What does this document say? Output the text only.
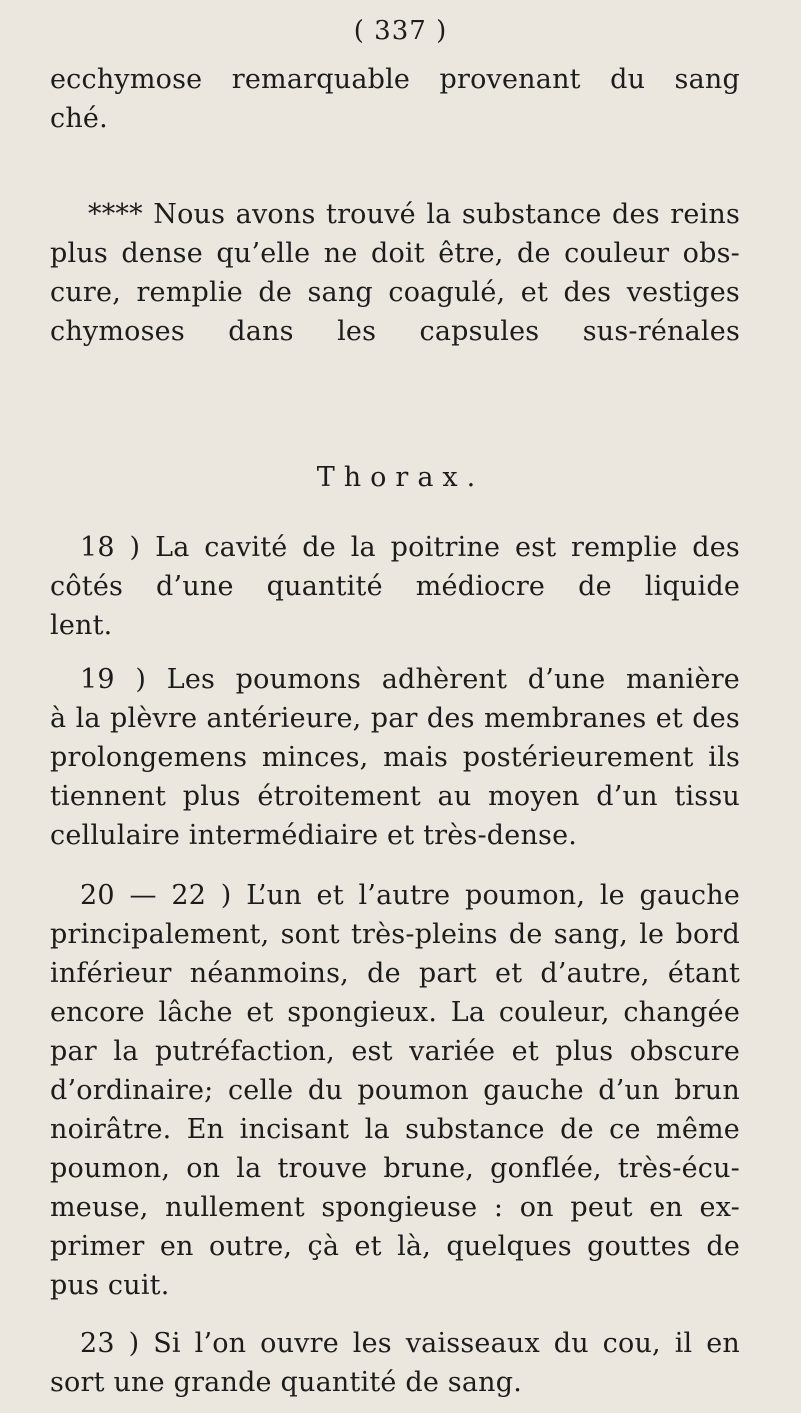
( 337 )
ecchymose remarquable provenant du sang
ché.
**** Nous avons trouvé la substance des reins
plus dense qu’elle ne doit être, de couleur obs-
cure, remplie de sang coagulé, et des vestiges
chymoses dans les capsules sus-rénales
Thorax.
18 ) La cavité de la poitrine est remplie des
côtés d’une quantité médiocre de liquide
lent.
19 ) Les poumons adhèrent d’une manière
à la plèvre antérieure, par des membranes et des
prolongemens minces, mais postérieurement ils
tiennent plus étroitement au moyen d’un tissu
cellulaire intermédiaire et très-dense.
20 — 22 ) L’un et l’autre poumon, le gauche
principalement, sont très-pleins de sang, le bord
inférieur néanmoins, de part et d’autre, étant
encore lâche et spongieux. La couleur, changée
par la putréfaction, est variée et plus obscure
d’ordinaire; celle du poumon gauche d’un brun
noirâtre. En incisant la substance de ce même
poumon, on la trouve brune, gonflée, très-écu-
meuse, nullement spongieuse : on peut en ex-
primer en outre, çà et là, quelques gouttes de
pus cuit.
23 ) Si l’on ouvre les vaisseaux du cou, il en
sort une grande quantité de sang.
